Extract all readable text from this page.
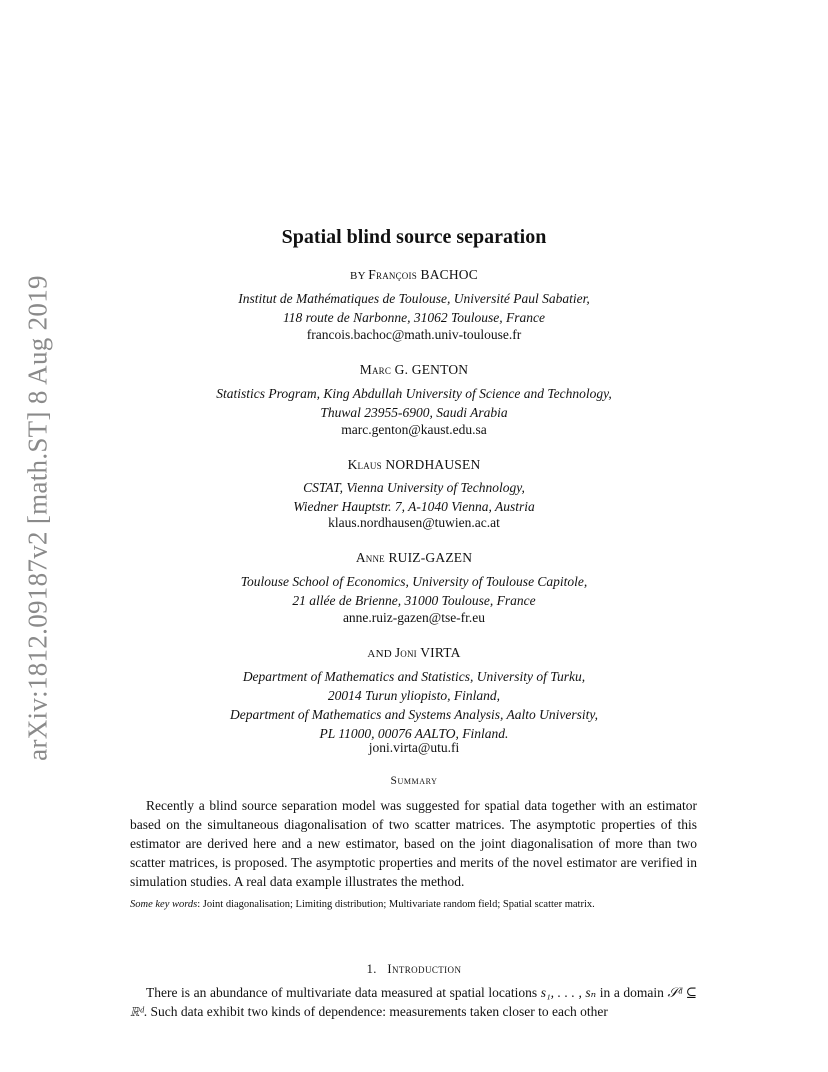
arXiv:1812.09187v2 [math.ST] 8 Aug 2019
Spatial blind source separation
BY François BACHOC
Institut de Mathématiques de Toulouse, Université Paul Sabatier,
118 route de Narbonne, 31062 Toulouse, France
francois.bachoc@math.univ-toulouse.fr
Marc G. GENTON
Statistics Program, King Abdullah University of Science and Technology,
Thuwal 23955-6900, Saudi Arabia
marc.genton@kaust.edu.sa
Klaus NORDHAUSEN
CSTAT, Vienna University of Technology,
Wiedner Hauptstr. 7, A-1040 Vienna, Austria
klaus.nordhausen@tuwien.ac.at
Anne RUIZ-GAZEN
Toulouse School of Economics, University of Toulouse Capitole,
21 allée de Brienne, 31000 Toulouse, France
anne.ruiz-gazen@tse-fr.eu
AND Joni VIRTA
Department of Mathematics and Statistics, University of Turku,
20014 Turun yliopisto, Finland,
Department of Mathematics and Systems Analysis, Aalto University,
PL 11000, 00076 AALTO, Finland.
joni.virta@utu.fi
Summary
Recently a blind source separation model was suggested for spatial data together with an estimator based on the simultaneous diagonalisation of two scatter matrices. The asymptotic properties of this estimator are derived here and a new estimator, based on the joint diagonalisation of more than two scatter matrices, is proposed. The asymptotic properties and merits of the novel estimator are verified in simulation studies. A real data example illustrates the method.
Some key words: Joint diagonalisation; Limiting distribution; Multivariate random field; Spatial scatter matrix.
1. Introduction
There is an abundance of multivariate data measured at spatial locations s₁, . . . , sₙ in a domain 𝒮ᵈ ⊆ ℝᵈ. Such data exhibit two kinds of dependence: measurements taken closer to each other
